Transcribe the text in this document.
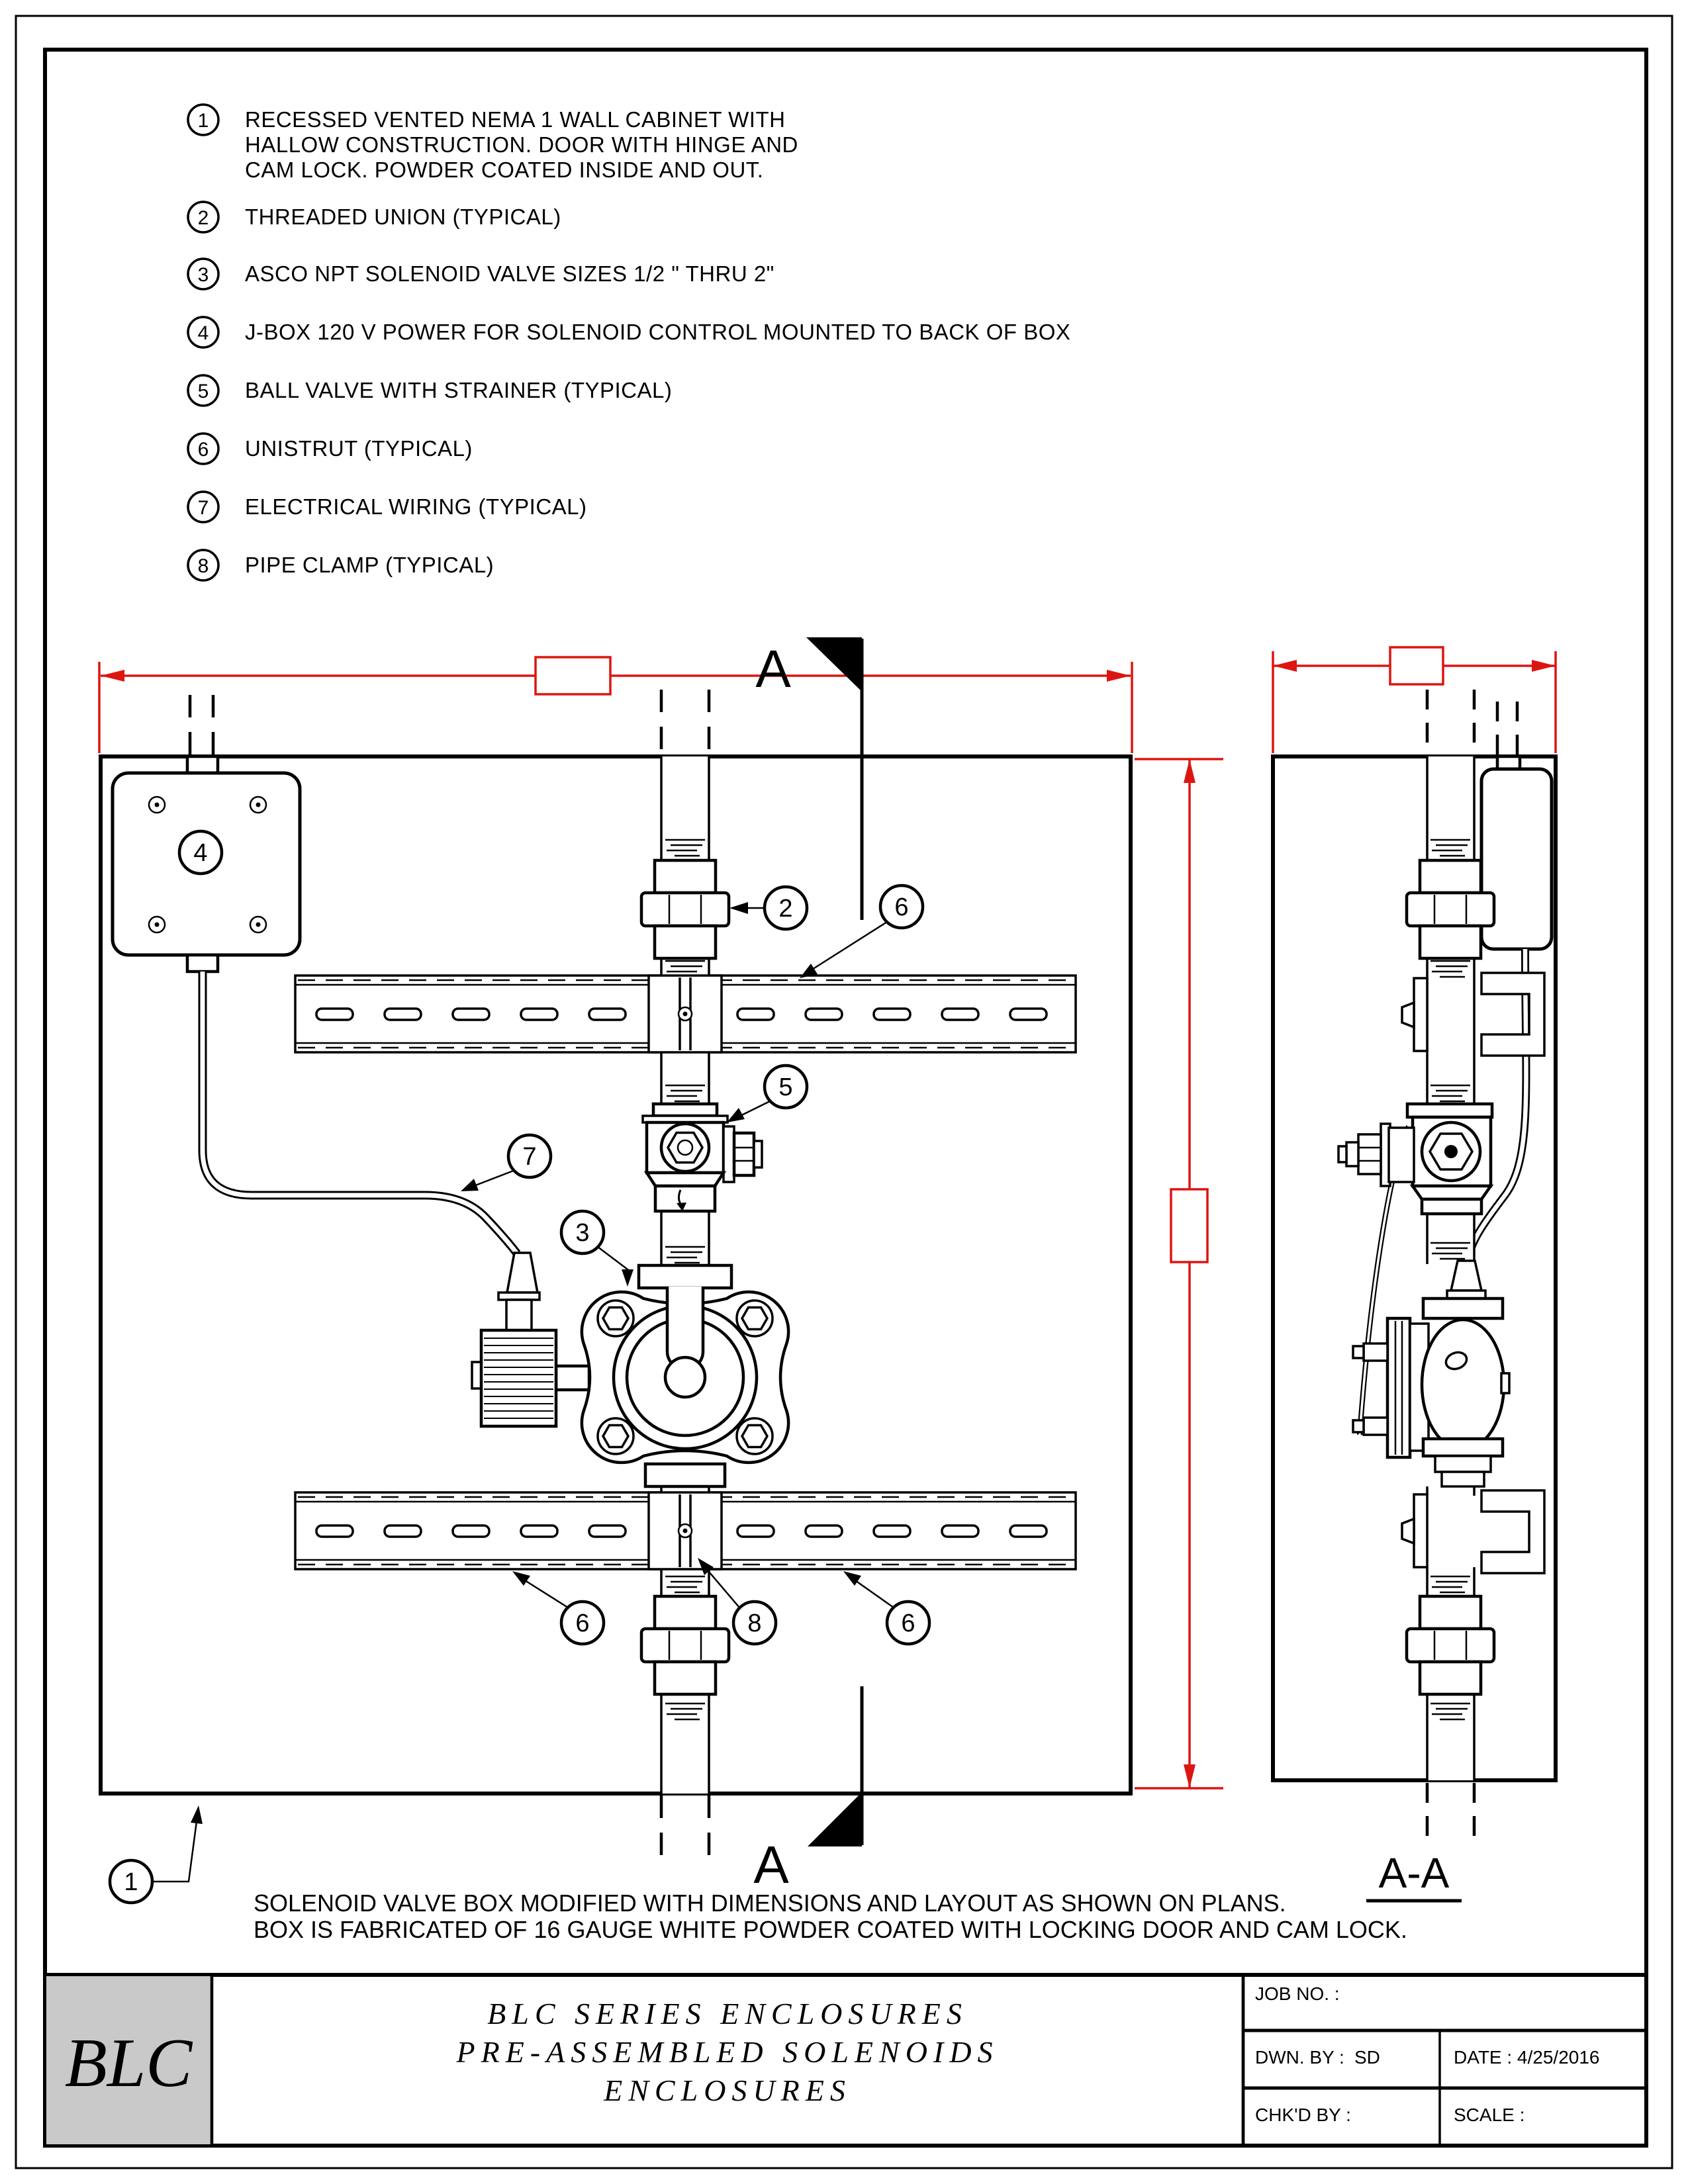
1 RECESSED VENTED NEMA 1 WALL CABINET WITH
HALLOW CONSTRUCTION. DOOR WITH HINGE AND
CAM LOCK. POWDER COATED INSIDE AND OUT.
2 THREADED UNION (TYPICAL)
3 ASCO NPT SOLENOID VALVE SIZES 1/2 " THRU 2"
4 J-BOX 120 V POWER FOR SOLENOID CONTROL MOUNTED TO BACK OF BOX
5 BALL VALVE WITH STRAINER (TYPICAL)
6 UNISTRUT (TYPICAL)
7 ELECTRICAL WIRING (TYPICAL)
8 PIPE CLAMP (TYPICAL)
A
A
4
2	6
5
7
3
6	8	6
1	A-A
SOLENOID VALVE BOX MODIFIED WITH DIMENSIONS AND LAYOUT AS SHOWN ON PLANS.
BOX IS FABRICATED OF 16 GAUGE WHITE POWDER COATED WITH LOCKING DOOR AND CAM LOCK.
BLC
BLC SERIES ENCLOSURES
PRE-ASSEMBLED SOLENOIDS
ENCLOSURES
JOB NO. :
DWN. BY : SD	DATE : 4/25/2016
CHK'D BY :	SCALE :
